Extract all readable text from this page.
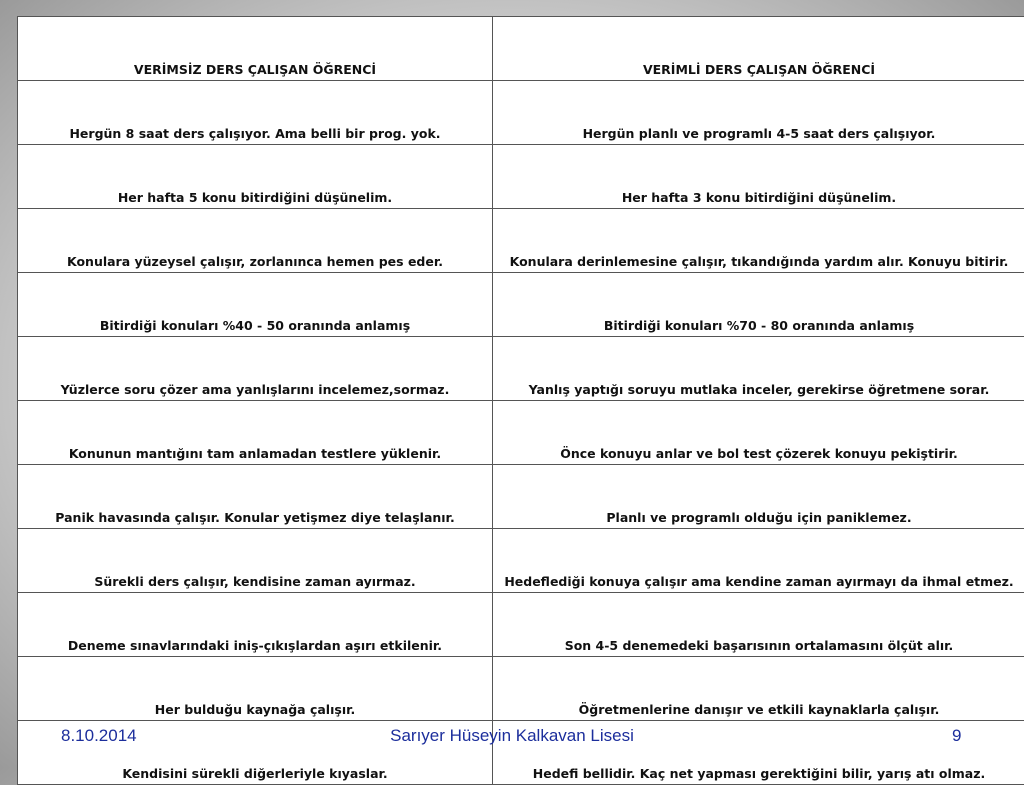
VERİMSİZ DERS ÇALIŞAN ÖĞRENCİ	VERİMLİ DERS ÇALIŞAN ÖĞRENCİ
Hergün 8 saat ders çalışıyor. Ama belli bir prog. yok.	Hergün planlı ve programlı 4-5 saat ders çalışıyor.
Her hafta 5 konu bitirdiğini düşünelim.	Her hafta 3 konu bitirdiğini düşünelim.
Konulara yüzeysel çalışır, zorlanınca hemen pes eder.	Konulara derinlemesine çalışır, tıkandığında yardım alır. Konuyu bitirir.
Bitirdiği konuları %40 - 50 oranında anlamış	Bitirdiği konuları %70 - 80 oranında anlamış
Yüzlerce soru çözer ama yanlışlarını incelemez,sormaz.	Yanlış yaptığı soruyu mutlaka inceler, gerekirse öğretmene sorar.
Konunun mantığını tam anlamadan testlere yüklenir.	Önce konuyu anlar ve bol test çözerek konuyu pekiştirir.
Panik havasında çalışır. Konular yetişmez diye telaşlanır.	Planlı ve programlı olduğu için paniklemez.
Sürekli ders çalışır, kendisine zaman ayırmaz.	Hedeflediği konuya çalışır ama kendine zaman ayırmayı da ihmal etmez.
Deneme sınavlarındaki iniş-çıkışlardan aşırı etkilenir.	Son 4-5 denemedeki başarısının ortalamasını ölçüt alır.
Her bulduğu kaynağa çalışır.	Öğretmenlerine danışır ve etkili kaynaklarla çalışır.
Kendisini sürekli diğerleriyle kıyaslar.	Hedefi bellidir. Kaç net yapması gerektiğini bilir, yarış atı olmaz.
8.10.2014	Sarıyer Hüseyin Kalkavan Lisesi	9
